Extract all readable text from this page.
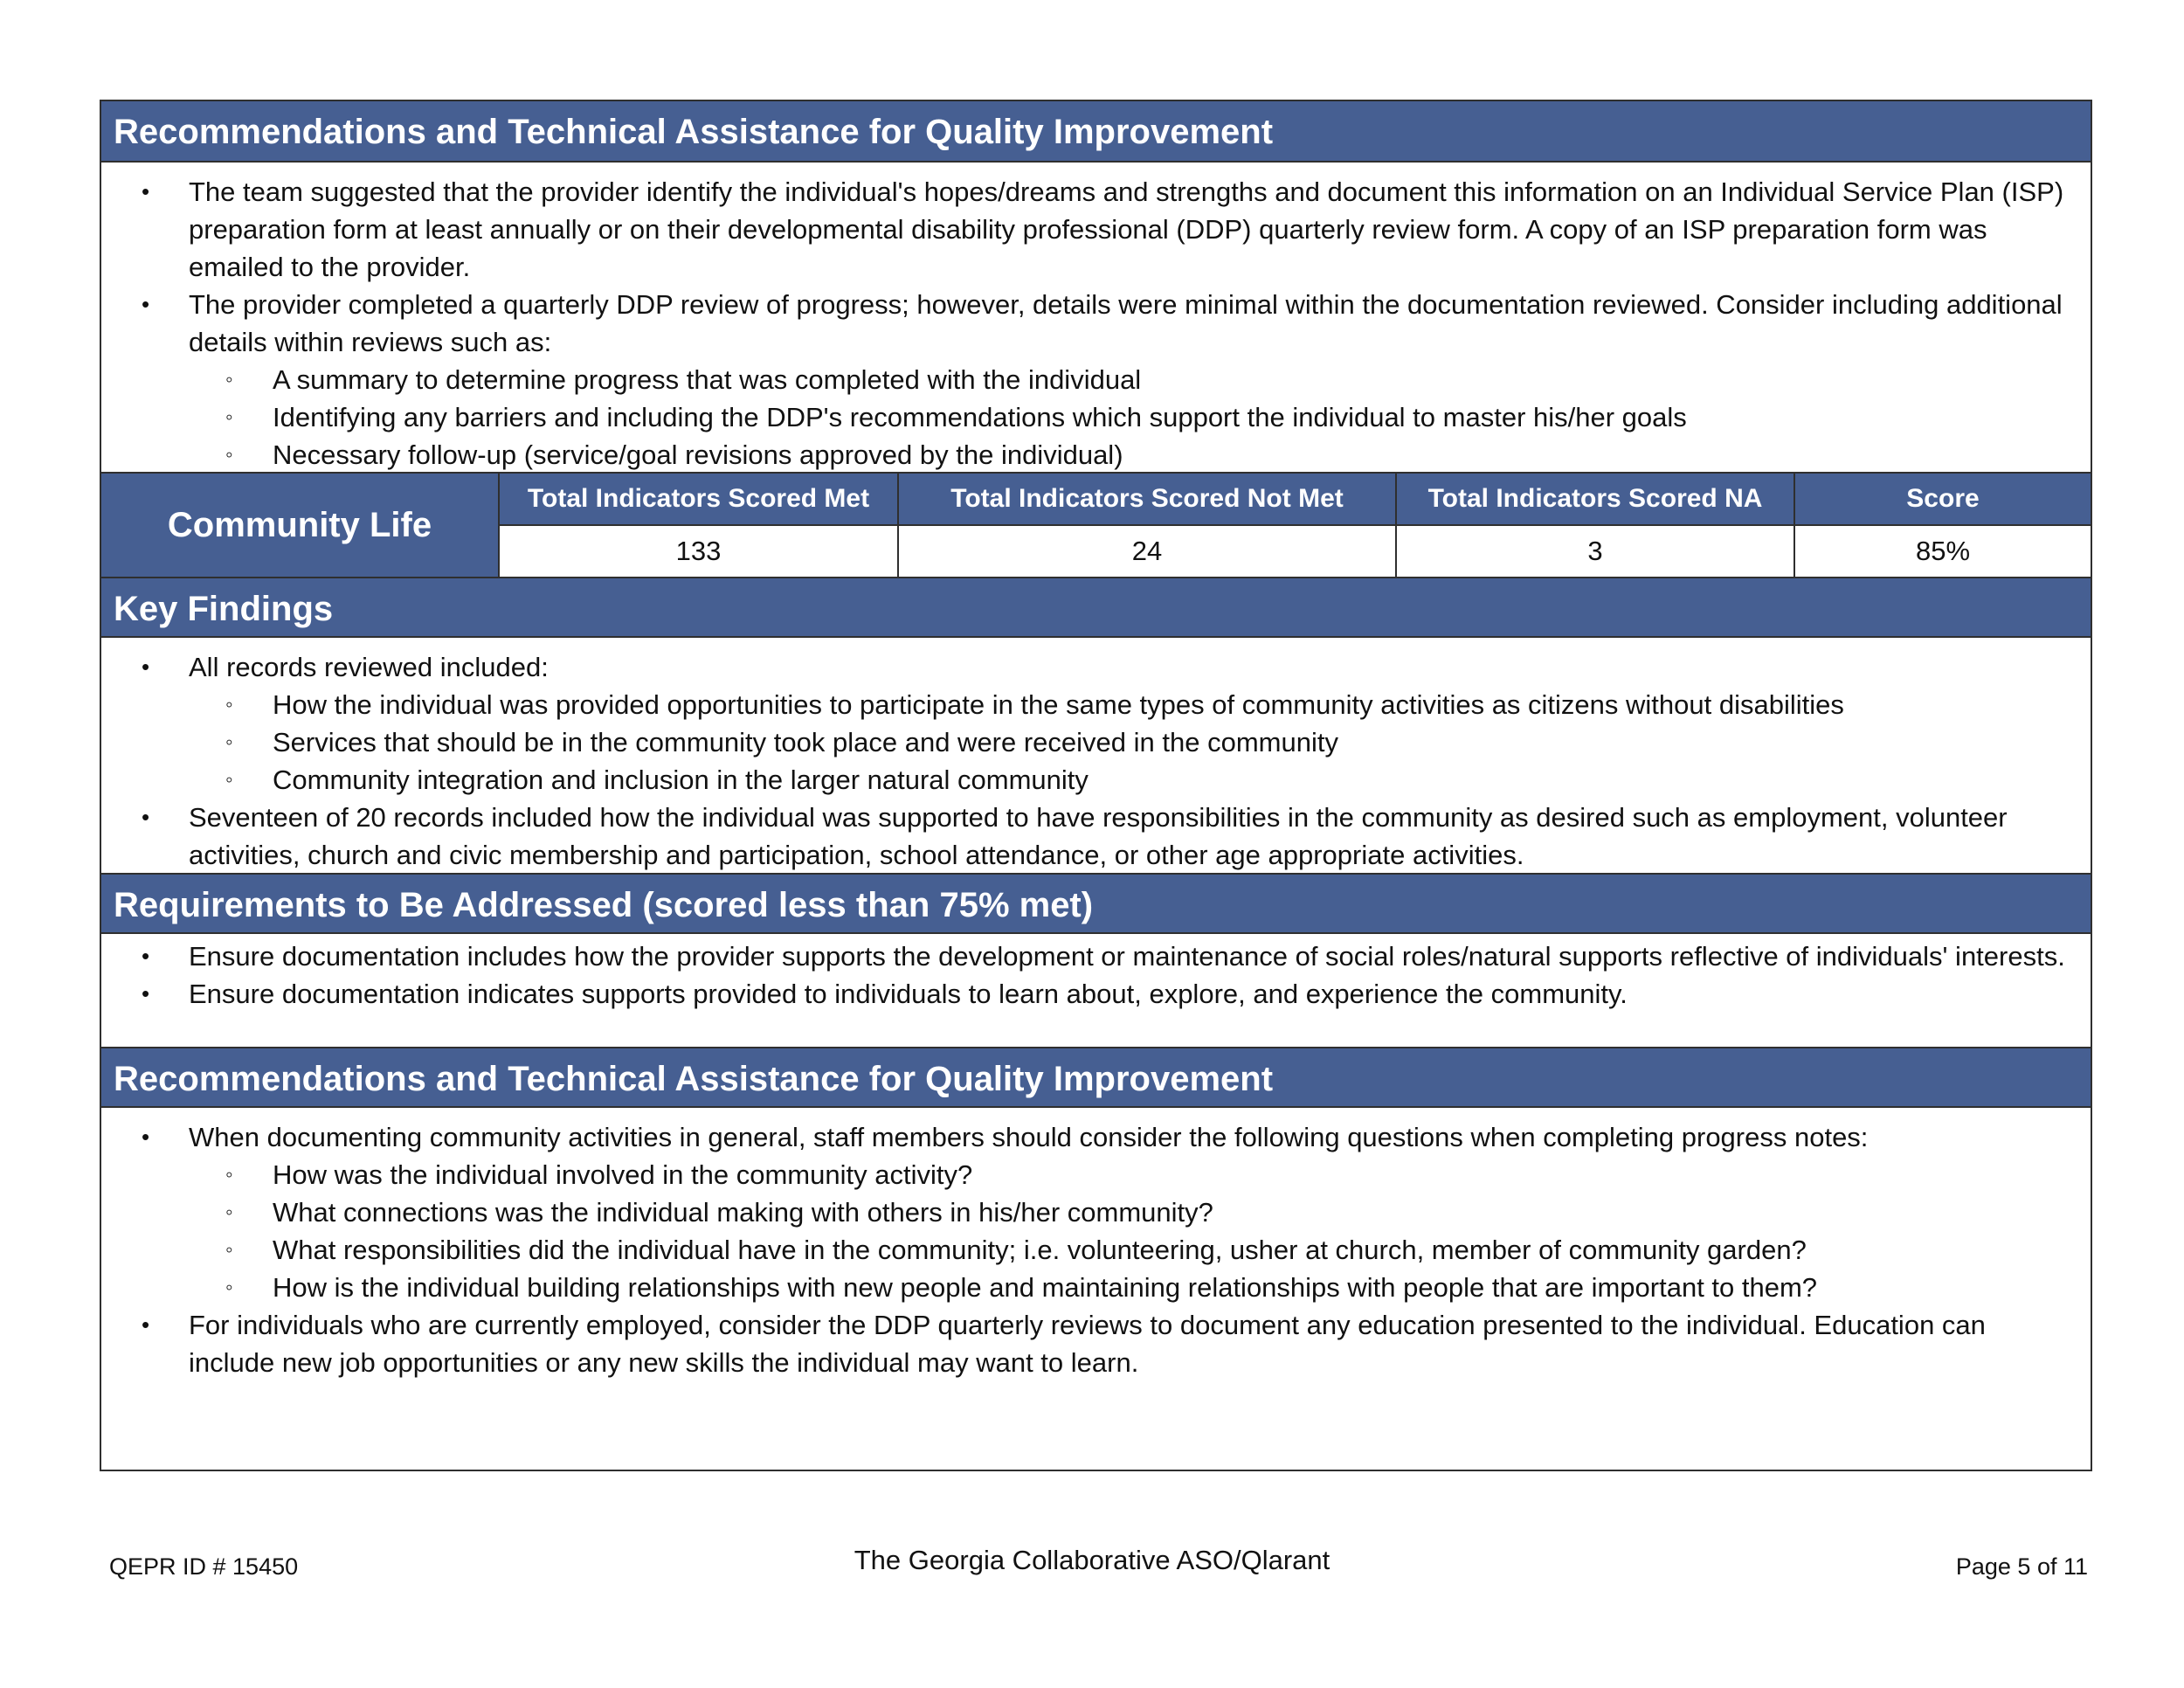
Recommendations and Technical Assistance for Quality Improvement
• The team suggested that the provider identify the individual's hopes/dreams and strengths and document this information on an Individual Service Plan (ISP) preparation form at least annually or on their developmental disability professional (DDP) quarterly review form. A copy of an ISP preparation form was emailed to the provider.
• The provider completed a quarterly DDP review of progress; however, details were minimal within the documentation reviewed. Consider including additional details within reviews such as:
◦ A summary to determine progress that was completed with the individual
◦ Identifying any barriers and including the DDP's recommendations which support the individual to master his/her goals
◦ Necessary follow-up (service/goal revisions approved by the individual)
Community Life
Total Indicators Scored Met	Total Indicators Scored Not Met	Total Indicators Scored NA	Score
133	24	3	85%
Key Findings
• All records reviewed included:
◦ How the individual was provided opportunities to participate in the same types of community activities as citizens without disabilities
◦ Services that should be in the community took place and were received in the community
◦ Community integration and inclusion in the larger natural community
• Seventeen of 20 records included how the individual was supported to have responsibilities in the community as desired such as employment, volunteer activities, church and civic membership and participation, school attendance, or other age appropriate activities.
Requirements to Be Addressed (scored less than 75% met)
• Ensure documentation includes how the provider supports the development or maintenance of social roles/natural supports reflective of individuals' interests.
• Ensure documentation indicates supports provided to individuals to learn about, explore, and experience the community.
Recommendations and Technical Assistance for Quality Improvement
• When documenting community activities in general, staff members should consider the following questions when completing progress notes:
◦ How was the individual involved in the community activity?
◦ What connections was the individual making with others in his/her community?
◦ What responsibilities did the individual have in the community; i.e. volunteering, usher at church, member of community garden?
◦ How is the individual building relationships with new people and maintaining relationships with people that are important to them?
• For individuals who are currently employed, consider the DDP quarterly reviews to document any education presented to the individual. Education can include new job opportunities or any new skills the individual may want to learn.
QEPR ID # 15450	The Georgia Collaborative ASO/Qlarant	Page 5 of 11
